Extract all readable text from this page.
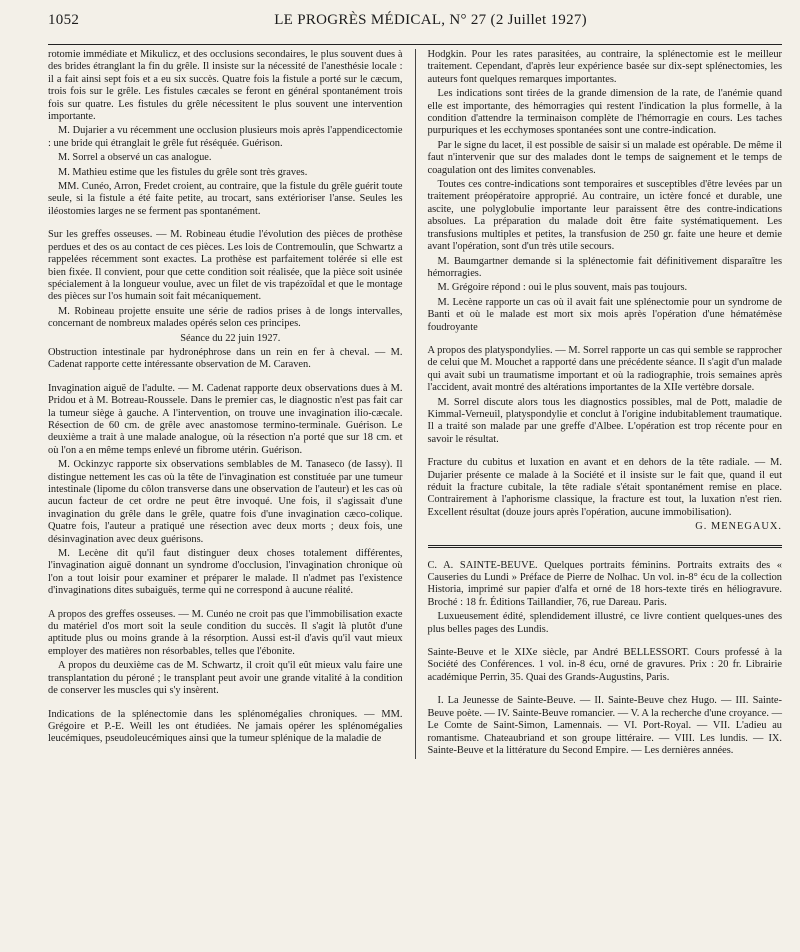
1052	LE PROGRÈS MÉDICAL, N° 27 (2 Juillet 1927)

rotomie immédiate et Mikulicz, et des occlusions secondaires, le plus souvent dues à des brides étranglant la fin du grêle. Il insiste sur la nécessité de l'anesthésie locale : il a fait ainsi sept fois et a eu six succès. Quatre fois la fistule a porté sur le cæcum, trois fois sur le grêle. Les fistules cæcales se feront en général spontanément trois fois sur quatre. Les fistules du grêle nécessitent le plus souvent une intervention importante.

M. Dujarier a vu récemment une occlusion plusieurs mois après l'appendicectomie : une bride qui étranglait le grêle fut réséquée. Guérison.

M. Sorrel a observé un cas analogue.

M. Mathieu estime que les fistules du grêle sont très graves.

MM. Cunéo, Arron, Fredet croient, au contraire, que la fistule du grêle guérit toute seule, si la fistule a été faite petite, au trocart, sans extérioriser l'anse. Seules les iléostomies larges ne se ferment pas spontanément.

Sur les greffes osseuses. — M. Robineau étudie l'évolution des pièces de prothèse perdues et des os au contact de ces pièces. Les lois de Contremoulin, que Schwartz a rappelées récemment sont exactes. La prothèse est parfaitement tolérée si elle est bien fixée. Il convient, pour que cette condition soit réalisée, que la pièce soit usinée spécialement à la longueur voulue, avec un filet de vis trapézoïdal et que le montage des pièces sur l'os humain soit fait mécaniquement.

M. Robineau projette ensuite une série de radios prises à de longs intervalles, concernant de nombreux malades opérés selon ces principes.

Séance du 22 juin 1927.

Obstruction intestinale par hydronéphrose dans un rein en fer à cheval. — M. Cadenat rapporte cette intéressante observation de M. Caraven.

Invagination aiguë de l'adulte. — M. Cadenat rapporte deux observations dues à M. Pridou et à M. Botreau-Roussele. Dans le premier cas, le diagnostic n'est pas fait car la tumeur siège à gauche. A l'intervention, on trouve une invagination ilio-cæcale. Résection de 60 cm. de grêle avec anastomose termino-terminale. Guérison. Le deuxième a trait à une malade analogue, où la résection n'a porté que sur 18 cm. et où l'on a en même temps enlevé un fibrome utérin. Guérison.

M. Ockinzyc rapporte six observations semblables de M. Tanaseco (de Iassy). Il distingue nettement les cas où la tête de l'invagination est constituée par une tumeur intestinale (lipome du côlon transverse dans une observation de l'auteur) et les cas où aucun facteur de cet ordre ne peut être invoqué. Une fois, il s'agissait d'une invagination du grêle dans le grêle, quatre fois d'une invagination cæco-colique. Quatre fois, l'auteur a pratiqué une résection avec deux morts ; deux fois, une désinvagination avec deux guérisons.

M. Lecène dit qu'il faut distinguer deux choses totalement différentes, l'invagination aiguë donnant un syndrome d'occlusion, l'invagination chronique où l'on a tout loisir pour examiner et préparer le malade. Il n'admet pas l'existence d'invaginations dites subaiguës, terme qui ne correspond à aucune réalité.

A propos des greffes osseuses. — M. Cunéo ne croit pas que l'immobilisation exacte du matériel d'os mort soit la seule condition du succès. Il s'agit là plutôt d'une aptitude plus ou moins grande à la résorption. Aussi est-il d'avis qu'il vaut mieux employer des matières non résorbables, telles que l'ébonite.

A propos du deuxième cas de M. Schwartz, il croit qu'il eût mieux valu faire une transplantation du péroné ; le transplant peut avoir une grande vitalité à la condition de conserver les muscles qui s'y insèrent.

Indications de la splénectomie dans les splénomégalies chroniques. — MM. Grégoire et P.-E. Weill les ont étudiées. Ne jamais opérer les splénomégalies leucémiques, pseudoleucémiques ainsi que la tumeur splénique de la maladie de

Hodgkin. Pour les rates parasitées, au contraire, la splénectomie est le meilleur traitement. Cependant, d'après leur expérience basée sur dix-sept splénectomies, les auteurs font quelques remarques importantes.

Les indications sont tirées de la grande dimension de la rate, de l'anémie quand elle est importante, des hémorragies qui restent l'indication la plus formelle, à la condition d'attendre la terminaison complète de l'hémorragie en cours. Les taches purpuriques et les ecchymoses spontanées sont une contre-indication.

Par le signe du lacet, il est possible de saisir si un malade est opérable. De même il faut n'intervenir que sur des malades dont le temps de saignement et le temps de coagulation ont des limites convenables.

Toutes ces contre-indications sont temporaires et susceptibles d'être levées par un traitement préopératoire approprié. Au contraire, un ictère foncé et durable, une ascite, une polyglobulie importante leur paraissent être des contre-indications absolues. La préparation du malade doit être faite systématiquement. Les transfusions multiples et petites, la transfusion de 250 gr. faite une heure et demie avant l'opération, sont d'un très utile secours.

M. Baumgartner demande si la splénectomie fait définitivement disparaître les hémorragies.

M. Grégoire répond : oui le plus souvent, mais pas toujours.

M. Lecène rapporte un cas où il avait fait une splénectomie pour un syndrome de Banti et où le malade est mort six mois après l'opération d'une hématémèse foudroyante

A propos des platyspondylies. — M. Sorrel rapporte un cas qui semble se rapprocher de celui que M. Mouchet a rapporté dans une précédente séance. Il s'agit d'un malade qui avait subi un traumatisme important et où la radiographie, trois semaines après l'accident, avait montré des altérations importantes de la XIIe vertèbre dorsale.

M. Sorrel discute alors tous les diagnostics possibles, mal de Pott, maladie de Kimmal-Verneuil, platyspondylie et conclut à l'origine indubitablement traumatique. Il a traité son malade par une greffe d'Albee. L'opération est trop récente pour en savoir le résultat.

Fracture du cubitus et luxation en avant et en dehors de la tête radiale. — M. Dujarier présente ce malade à la Société et il insiste sur le fait que, quand il eut réduit la fracture cubitale, la tête radiale s'était spontanément remise en place. Contrairement à l'aphorisme classique, la fracture est tout, la luxation n'est rien. Excellent résultat (douze jours après l'opération, aucune immobilisation).

G. MENEGAUX.

C. A. SAINTE-BEUVE. Quelques portraits féminins. Portraits extraits des « Causeries du Lundi » Préface de Pierre de Nolhac. Un vol. in-8° écu de la collection Historia, imprimé sur papier d'alfa et orné de 18 hors-texte tirés en héliogravure. Broché : 18 fr. Éditions Taillandier, 76, rue Dareau. Paris.

Luxueusement édité, splendidement illustré, ce livre contient quelques-unes des plus belles pages des Lundis.

Sainte-Beuve et le XIXe siècle, par André BELLESSORT. Cours professé à la Société des Conférences. 1 vol. in-8 écu, orné de gravures. Prix : 20 fr. Librairie académique Perrin, 35. Quai des Grands-Augustins, Paris.

I. La Jeunesse de Sainte-Beuve. — II. Sainte-Beuve chez Hugo. — III. Sainte-Beuve poète. — IV. Sainte-Beuve romancier. — V. A la recherche d'une croyance. — Le Comte de Saint-Simon, Lamennais. — VI. Port-Royal. — VII. L'adieu au romantisme. Chateaubriand et son groupe littéraire. — VIII. Les lundis. — IX. Sainte-Beuve et la littérature du Second Empire. — Les dernières années.
